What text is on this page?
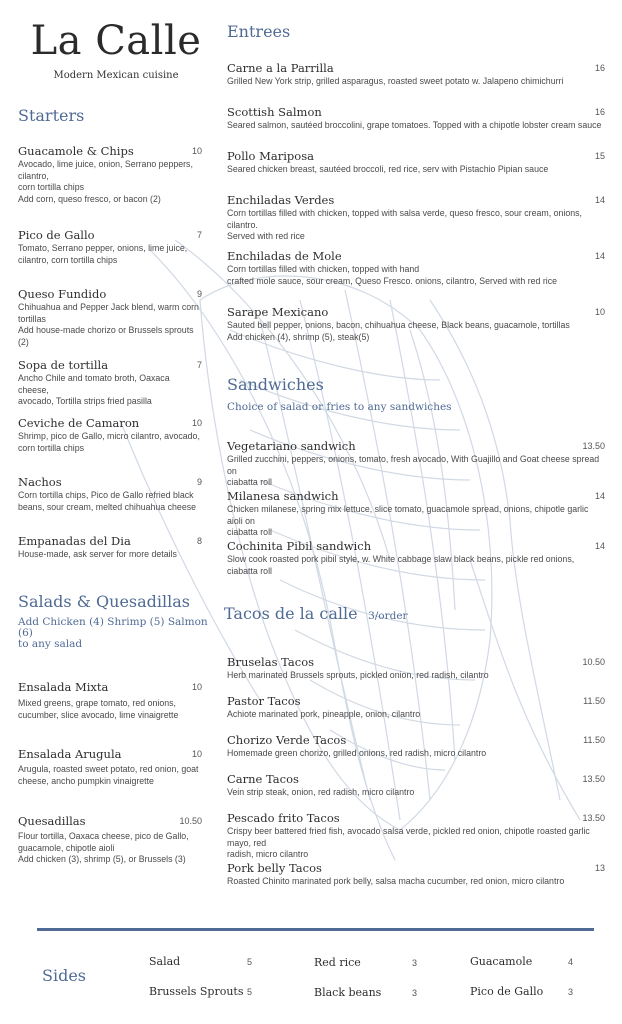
La Calle
Modern Mexican cuisine
Starters
Guacamole & Chips	10
Avocado, lime juice, onion, Serrano peppers,
cilantro,
corn tortilla chips
Add corn, queso fresco, or bacon (2)
Pico de Gallo	7
Tomato, Serrano pepper, onions, lime juice,
cilantro, corn tortilla chips
Queso Fundido	9
Chihuahua and Pepper Jack blend, warm corn
tortillas
Add house-made chorizo or Brussels sprouts (2)
Sopa de tortilla	7
Ancho Chile and tomato broth, Oaxaca cheese,
avocado, Tortilla strips fried pasilla
Ceviche de Camaron	10
Shrimp, pico de Gallo, micro cilantro, avocado,
corn tortilla chips
Nachos	9
Corn tortilla chips, Pico de Gallo refried black
beans, sour cream, melted chihuahua cheese
Empanadas del Dia	8
House-made, ask server for more details
Salads & Quesadillas
Add Chicken (4) Shrimp (5) Salmon (6)
to any salad
Ensalada Mixta	10
Mixed greens, grape tomato, red onions,
cucumber, slice avocado, lime vinaigrette
Ensalada Arugula	10
Arugula, roasted sweet potato, red onion, goat
cheese, ancho pumpkin vinaigrette
Quesadillas	10.50
Flour tortilla, Oaxaca cheese, pico de Gallo,
guacamole, chipotle aioli
Add chicken (3), shrimp (5), or Brussels (3)
Entrees
Carne a la Parrilla	16
Grilled New York strip, grilled asparagus, roasted sweet potato w. Jalapeno chimichurri
Scottish Salmon	16
Seared salmon, sautéed broccolini, grape tomatoes. Topped with a chipotle lobster cream sauce
Pollo Mariposa	15
Seared chicken breast, sautéed broccoli, red rice, serv with Pistachio Pipian sauce
Enchiladas Verdes	14
Corn tortillas filled with chicken, topped with salsa verde, queso fresco, sour cream, onions, cilantro.
Served with red rice
Enchiladas de Mole	14
Corn tortillas filled with chicken, topped with hand
crafted mole sauce, sour cream, Queso Fresco. onions, cilantro, Served with red rice
Sarape Mexicano	10
Sauted bell pepper, onions, bacon, chihuahua cheese, Black beans, guacamole, tortillas
Add chicken (4), shrimp (5), steak(5)
Sandwiches
Choice of salad or fries to any sandwiches
Vegetariano sandwich	13.50
Grilled zucchini, peppers, onions, tomato, fresh avocado, With Guajillo and Goat cheese spread on
ciabatta roll
Milanesa sandwich	14
Chicken milanese, spring mix lettuce, slice tomato, guacamole spread, onions, chipotle garlic aioli on
ciabatta roll
Cochinita Pibil sandwich	14
Slow cook roasted pork pibil style, w. White cabbage slaw black beans, pickle red onions, ciabatta roll
Tacos de la calle 3/order
Bruselas Tacos	10.50
Herb marinated Brussels sprouts, pickled onion, red radish, cilantro
Pastor Tacos	11.50
Achiote marinated pork, pineapple, onion, cilantro
Chorizo Verde Tacos	11.50
Homemade green chorizo, grilled onions, red radish, micro cilantro
Carne Tacos	13.50
Vein strip steak, onion, red radish, micro cilantro
Pescado frito Tacos	13.50
Crispy beer battered fried fish, avocado salsa verde, pickled red onion, chipotle roasted garlic mayo, red
radish, micro cilantro
Pork belly Tacos	13
Roasted Chinito marinated pork belly, salsa macha cucumber, red onion, micro cilantro
Sides
Salad	5	Red rice	3	Guacamole	4
Brussels Sprouts 5	Black beans	3	Pico de Gallo	3
